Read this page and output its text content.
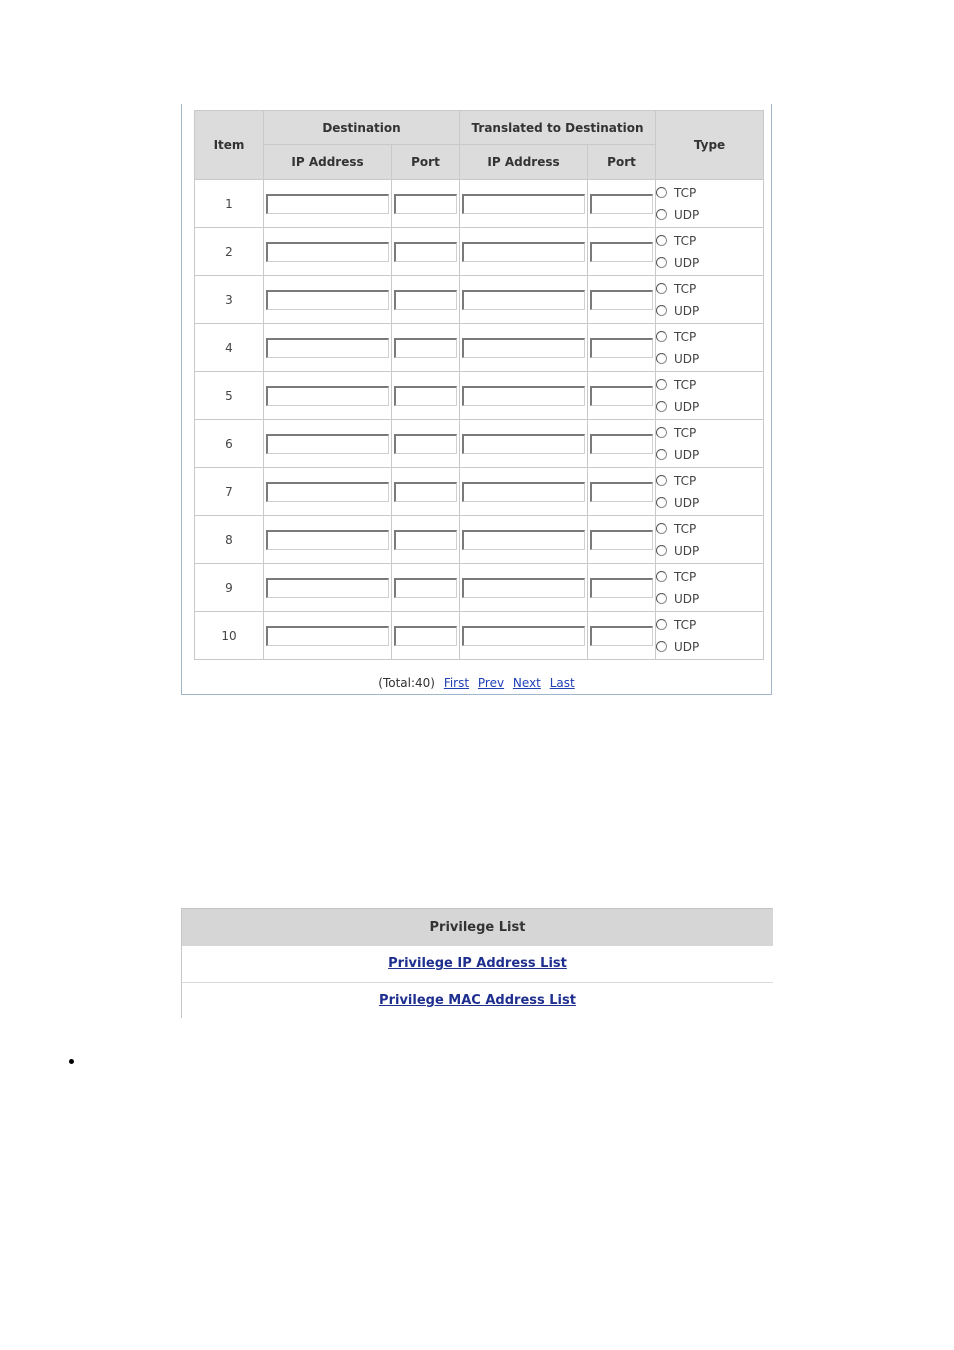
Item	Destination		Translated to Destination		Type
	IP Address	Port	IP Address	Port	
1					TCP
UDP

2					TCP
UDP

3					TCP
UDP

4					TCP
UDP

5					TCP
UDP

6					TCP
UDP

7					TCP
UDP

8					TCP
UDP

9					TCP
UDP

10					TCP
UDP
(Total:40) First Prev Next Last
Privilege List
Privilege IP Address List
Privilege MAC Address List
